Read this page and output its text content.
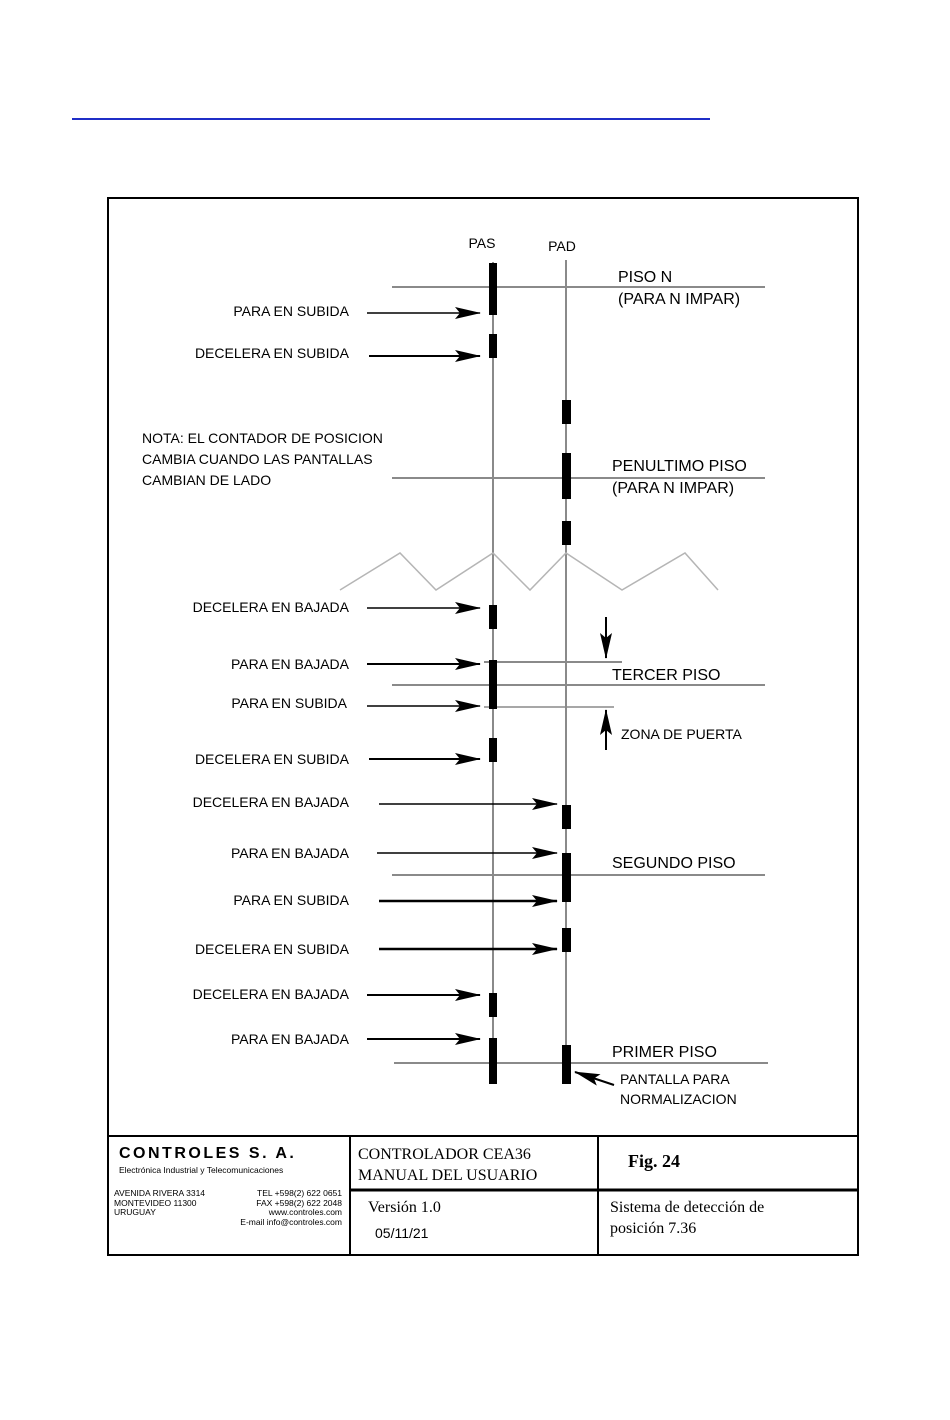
PAS	PAD
PARA EN SUBIDA
DECELERA EN SUBIDA
DECELERA EN BAJADA
PARA EN BAJADA
PARA EN SUBIDA
DECELERA EN SUBIDA
DECELERA EN BAJADA
PARA EN BAJADA
PARA EN SUBIDA
DECELERA EN SUBIDA
DECELERA EN BAJADA
PARA EN BAJADA
NOTA: EL CONTADOR DE POSICION
CAMBIA CUANDO LAS PANTALLAS
CAMBIAN DE LADO
PISO N
(PARA N IMPAR)
PENULTIMO PISO
(PARA N IMPAR)
TERCER PISO
SEGUNDO PISO
PRIMER PISO
ZONA DE PUERTA
PANTALLA PARA
NORMALIZACION
CONTROLES S. A.
Electrónica Industrial y Telecomunicaciones
AVENIDA RIVERA 3314
MONTEVIDEO 11300
URUGUAY
TEL +598(2) 622 0651
FAX +598(2) 622 2048
www.controles.com
E-mail info@controles.com
CONTROLADOR CEA36
MANUAL DEL USUARIO
Fig. 24
Versión 1.0
05/11/21
Sistema de detección de
posición 7.36
